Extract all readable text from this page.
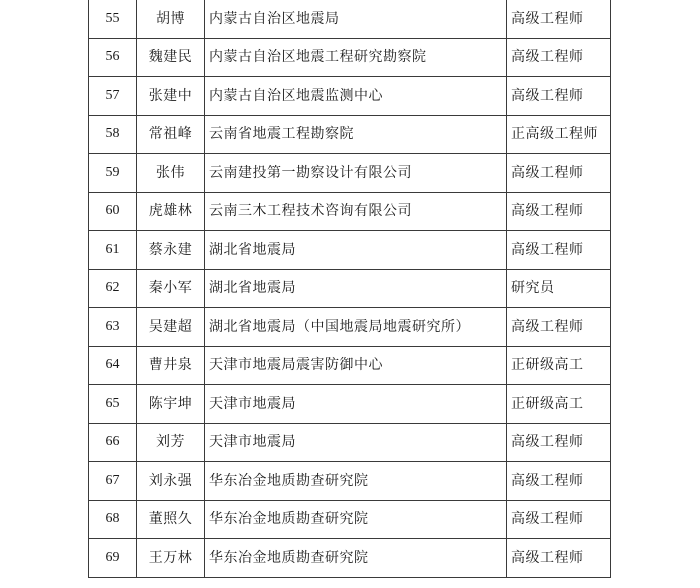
55	胡博	内蒙古自治区地震局	高级工程师
56	魏建民	内蒙古自治区地震工程研究勘察院	高级工程师
57	张建中	内蒙古自治区地震监测中心	高级工程师
58	常祖峰	云南省地震工程勘察院	正高级工程师
59	张伟	云南建投第一勘察设计有限公司	高级工程师
60	虎雄林	云南三木工程技术咨询有限公司	高级工程师
61	蔡永建	湖北省地震局	高级工程师
62	秦小军	湖北省地震局	研究员
63	吴建超	湖北省地震局（中国地震局地震研究所）	高级工程师
64	曹井泉	天津市地震局震害防御中心	正研级高工
65	陈宇坤	天津市地震局	正研级高工
66	刘芳	天津市地震局	高级工程师
67	刘永强	华东冶金地质勘查研究院	高级工程师
68	董照久	华东冶金地质勘查研究院	高级工程师
69	王万林	华东冶金地质勘查研究院	高级工程师
